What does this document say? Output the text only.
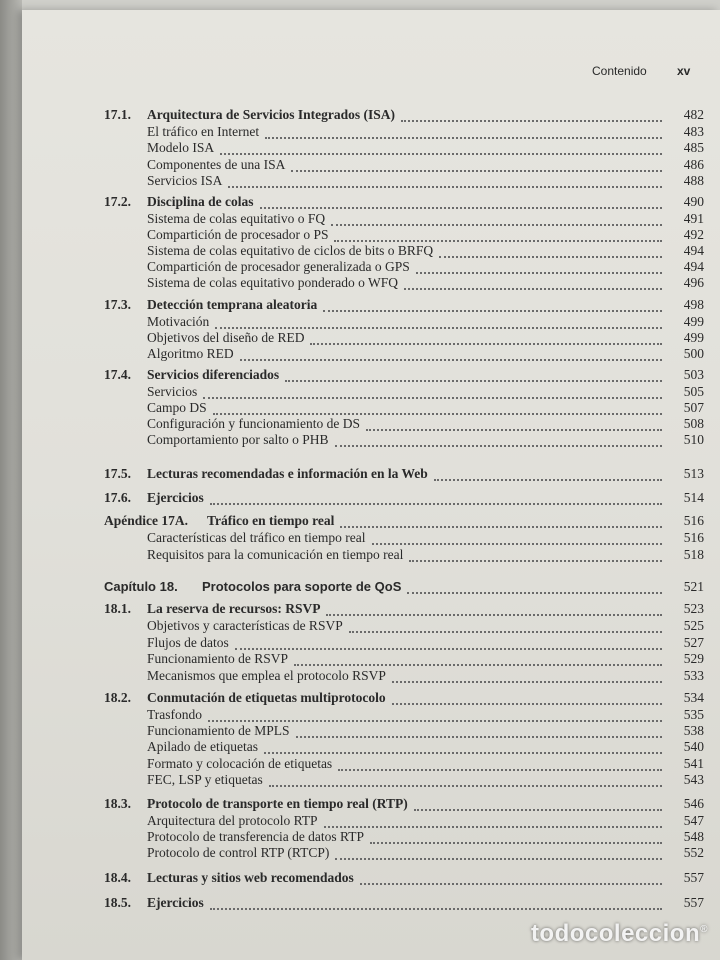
Contenido	xv
17.1. Arquitectura de Servicios Integrados (ISA)	482
El tráfico en Internet	483
Modelo ISA	485
Componentes de una ISA	486
Servicios ISA	488
17.2. Disciplina de colas	490
Sistema de colas equitativo o FQ	491
Compartición de procesador o PS	492
Sistema de colas equitativo de ciclos de bits o BRFQ	494
Compartición de procesador generalizada o GPS	494
Sistema de colas equitativo ponderado o WFQ	496
17.3. Detección temprana aleatoria	498
Motivación	499
Objetivos del diseño de RED	499
Algoritmo RED	500
17.4. Servicios diferenciados	503
Servicios	505
Campo DS	507
Configuración y funcionamiento de DS	508
Comportamiento por salto o PHB	510
17.5. Lecturas recomendadas e información en la Web	513
17.6. Ejercicios	514
Apéndice 17A. Tráfico en tiempo real	516
Características del tráfico en tiempo real	516
Requisitos para la comunicación en tiempo real	518
Capítulo 18. Protocolos para soporte de QoS	521
18.1. La reserva de recursos: RSVP	523
Objetivos y características de RSVP	525
Flujos de datos	527
Funcionamiento de RSVP	529
Mecanismos que emplea el protocolo RSVP	533
18.2. Conmutación de etiquetas multiprotocolo	534
Trasfondo	535
Funcionamiento de MPLS	538
Apilado de etiquetas	540
Formato y colocación de etiquetas	541
FEC, LSP y etiquetas	543
18.3. Protocolo de transporte en tiempo real (RTP)	546
Arquitectura del protocolo RTP	547
Protocolo de transferencia de datos RTP	548
Protocolo de control RTP (RTCP)	552
18.4. Lecturas y sitios web recomendados	557
18.5. Ejercicios	557
todocoleccion®
